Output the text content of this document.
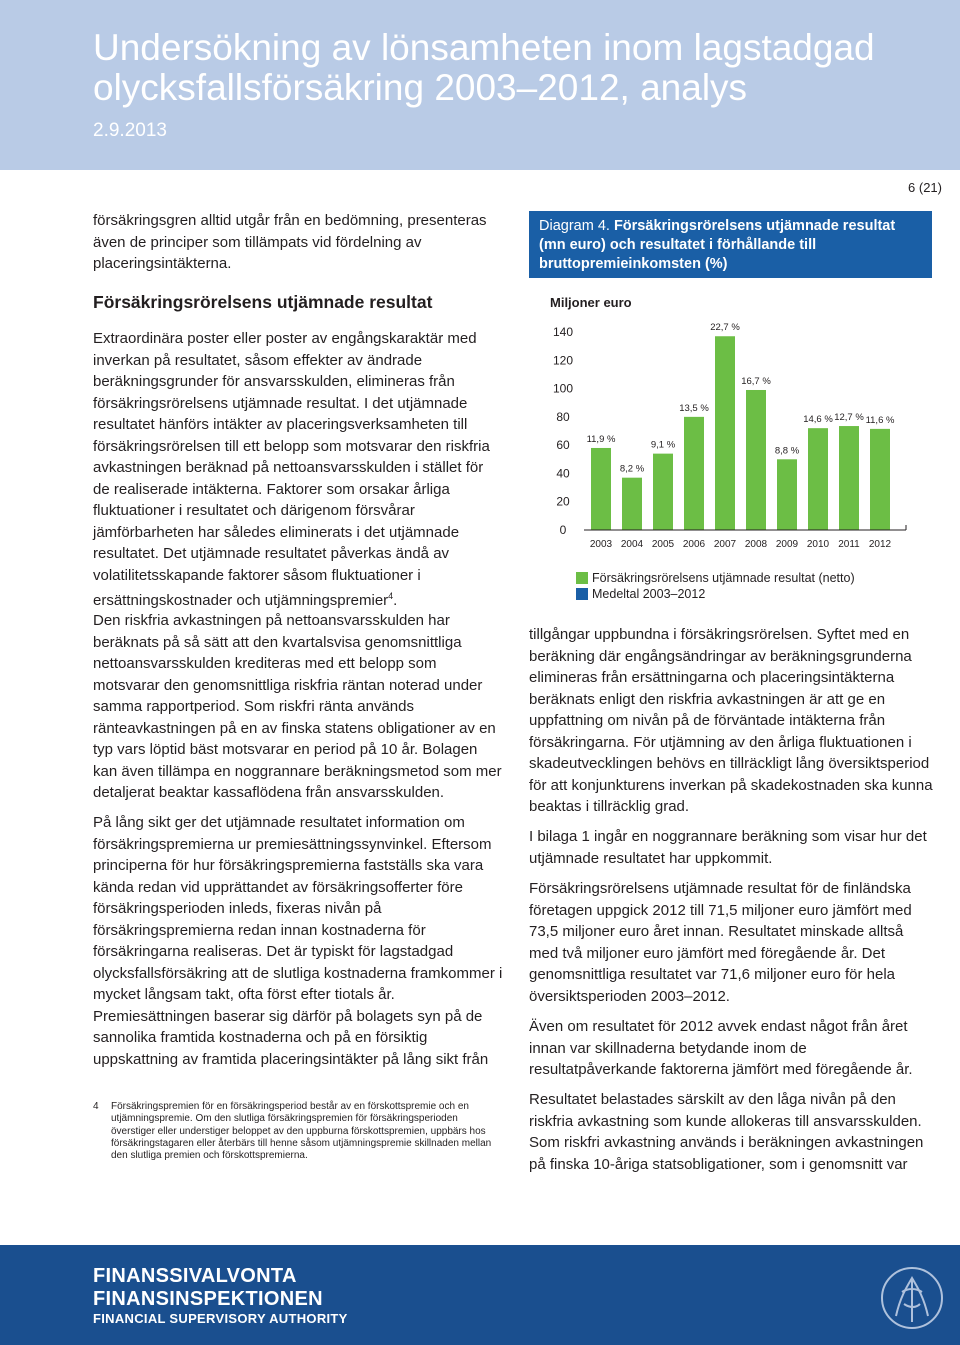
Undersökning av lönsamheten inom lagstadgad olycksfallsförsäkring 2003–2012, analys
2.9.2013
6 (21)

försäkringsgren alltid utgår från en bedömning, presenteras även de principer som tillämpats vid fördelning av placeringsintäkterna.

Försäkringsrörelsens utjämnade resultat

Extraordinära poster eller poster av engångskaraktär med inverkan på resultatet, såsom effekter av ändrade beräkningsgrunder för ansvarsskulden, elimineras från försäkringsrörelsens utjämnade resultat. I det utjämnade resultatet hänförs intäkter av placeringsverksamheten till försäkringsrörelsen till ett belopp som motsvarar den riskfria avkastningen beräknad på nettoansvarsskulden i stället för de realiserade intäkterna. Faktorer som orsakar årliga fluktuationer i resultatet och därigenom försvårar jämförbarheten har således eliminerats i det utjämnade resultatet. Det utjämnade resultatet påverkas ändå av volatilitetsskapande faktorer såsom fluktuationer i ersättningskostnader och utjämningspremier$^4$.

Den riskfria avkastningen på nettoansvarsskulden har beräknats på så sätt att den kvartalsvisa genomsnittliga nettoansvarsskulden krediteras med ett belopp som motsvarar den genomsnittliga riskfria räntan noterad under samma rapportperiod. Som riskfri ränta används ränteavkastningen på en av finska statens obligationer av en typ vars löptid bäst motsvarar en period på 10 år. Bolagen kan även tillämpa en noggrannare beräkningsmetod som mer detaljerat beaktar kassaflödena från ansvarsskulden.

På lång sikt ger det utjämnade resultatet information om försäkringspremierna ur premiesättningssynvinkel. Eftersom principerna för hur försäkringspremierna fastställs ska vara kända redan vid upprättandet av försäkringsofferter före försäkringsperioden inleds, fixeras nivån på försäkringspremierna redan innan kostnaderna för försäkringarna realiseras. Det är typiskt för lagstadgad olycksfallsförsäkring att de slutliga kostnaderna framkommer i mycket långsam takt, ofta först efter tiotals år. Premiesättningen baserar sig därför på bolagets syn på de sannolika framtida kostnaderna och på en försiktig uppskattning av framtida placeringsintäkter på lång sikt från

4 Försäkringspremien för en försäkringsperiod består av en förskottspremie och en utjämningspremie. Om den slutliga försäkringspremien för försäkringsperioden överstiger eller understiger beloppet av den uppburna förskottspremien, uppbärs hos försäkringstagaren eller återbärs till henne såsom utjämningspremie skillnaden mellan den slutliga premien och förskottspremierna.
Diagram 4. Försäkringsrörelsens utjämnade resultat (mn euro) och resultatet i förhållande till bruttopremieinkomsten (%)
Miljoner euro
140
120
100
80
60
40
20
0
11,9 %
8,2 %
9,1 %
13,5 %
22,7 %
16,7 %
8,8 %
14,6 % 12,7 % 11,6 %
2003 2004 2005 2006 2007 2008 2009 2010 2011 2012
Försäkringsrörelsens utjämnade resultat (netto)
Medeltal 2003–2012

tillgångar uppbundna i försäkringsrörelsen. Syftet med en beräkning där engångsändringar av beräkningsgrunderna elimineras från ersättningarna och placeringsintäkterna beräknats enligt den riskfria avkastningen är att ge en uppfattning om nivån på de förväntade intäkterna från försäkringarna. För utjämning av den årliga fluktuationen i skadeutvecklingen behövs en tillräckligt lång översiktsperiod för att konjunkturens inverkan på skadekostnaden ska kunna beaktas i tillräcklig grad.

I bilaga 1 ingår en noggrannare beräkning som visar hur det utjämnade resultatet har uppkommit.

Försäkringsrörelsens utjämnade resultat för de finländska företagen uppgick 2012 till 71,5 miljoner euro jämfört med 73,5 miljoner euro året innan. Resultatet minskade alltså med två miljoner euro jämfört med föregående år. Det genomsnittliga resultatet var 71,6 miljoner euro för hela översiktsperioden 2003–2012.

Även om resultatet för 2012 avvek endast något från året innan var skillnaderna betydande inom de resultatpåverkande faktorerna jämfört med föregående år.

Resultatet belastades särskilt av den låga nivån på den riskfria avkastning som kunde allokeras till ansvarsskulden. Som riskfri avkastning används i beräkningen avkastningen på finska 10-åriga statsobligationer, som i genomsnitt var

FINANSSIVALVONTA
FINANSINSPEKTIONEN
FINANCIAL SUPERVISORY AUTHORITY
